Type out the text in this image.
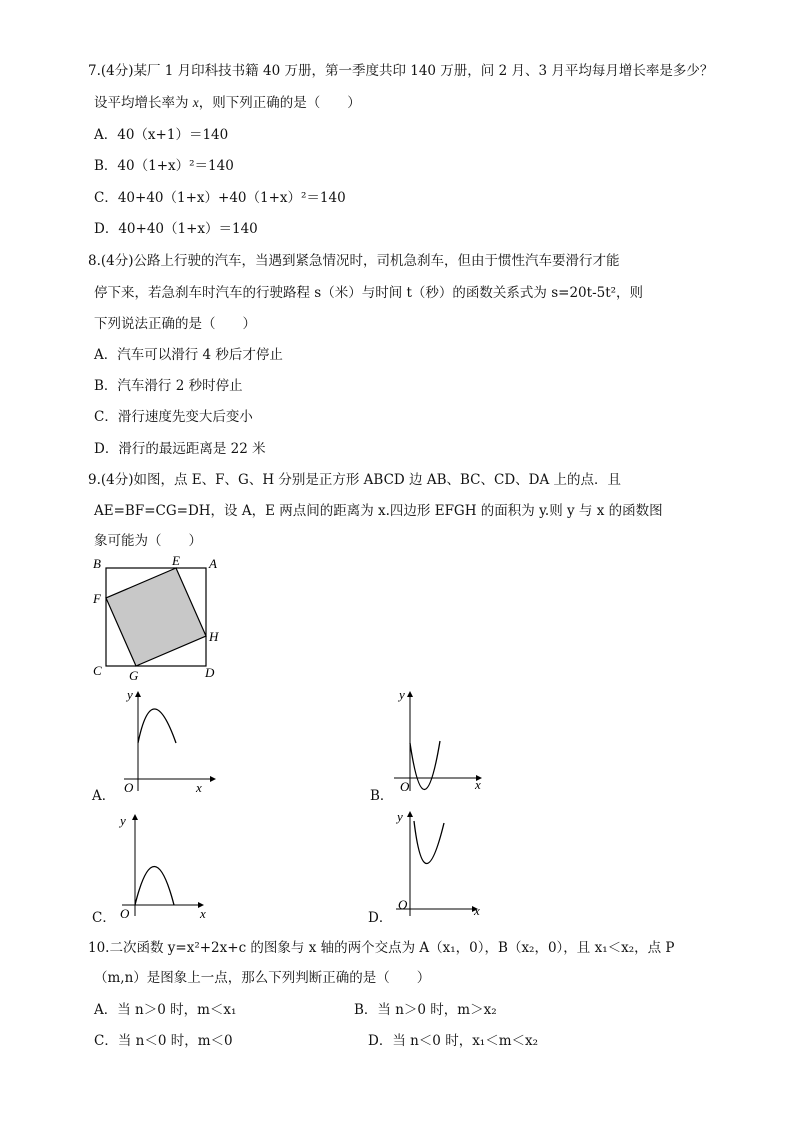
7.(4分)某厂 1 月印科技书籍 40 万册，第一季度共印 140 万册，问 2 月、3 月平均每月增长率是多少？
设平均增长率为 x，则下列正确的是（　　）
A．40（x+1）＝140
B．40（1+x）²＝140
C．40+40（1+x）+40（1+x）²＝140
D．40+40（1+x）＝140
8.(4分)公路上行驶的汽车，当遇到紧急情况时，司机急刹车，但由于惯性汽车要滑行才能
停下来，若急刹车时汽车的行驶路程 s（米）与时间 t（秒）的函数关系式为 s=20t-5t²，则
下列说法正确的是（　　）
A．汽车可以滑行 4 秒后才停止
B．汽车滑行 2 秒时停止
C．滑行速度先变大后变小
D．滑行的最远距离是 22 米
9.(4分)如图，点 E、F、G、H 分别是正方形 ABCD 边 AB、BC、CD、DA 上的点．且
AE=BF=CG=DH，设 A，E 两点间的距离为 x.四边形 EFGH 的面积为 y.则 y 与 x 的函数图
象可能为（　　）
B	E A
F
H
C G	D
A．
y
x
O
B．
y
x
O
C．
y
x
O	D．
y
x
O
10.二次函数 y=x²+2x+c 的图象与 x 轴的两个交点为 A（x₁，0），B（x₂，0），且 x₁＜x₂，点 P
（m,n）是图象上一点，那么下列判断正确的是（　　）
A．当 n＞0 时，m＜x₁	B．当 n＞0 时，m＞x₂
C．当 n＜0 时，m＜0	D．当 n＜0 时，x₁＜m＜x₂
